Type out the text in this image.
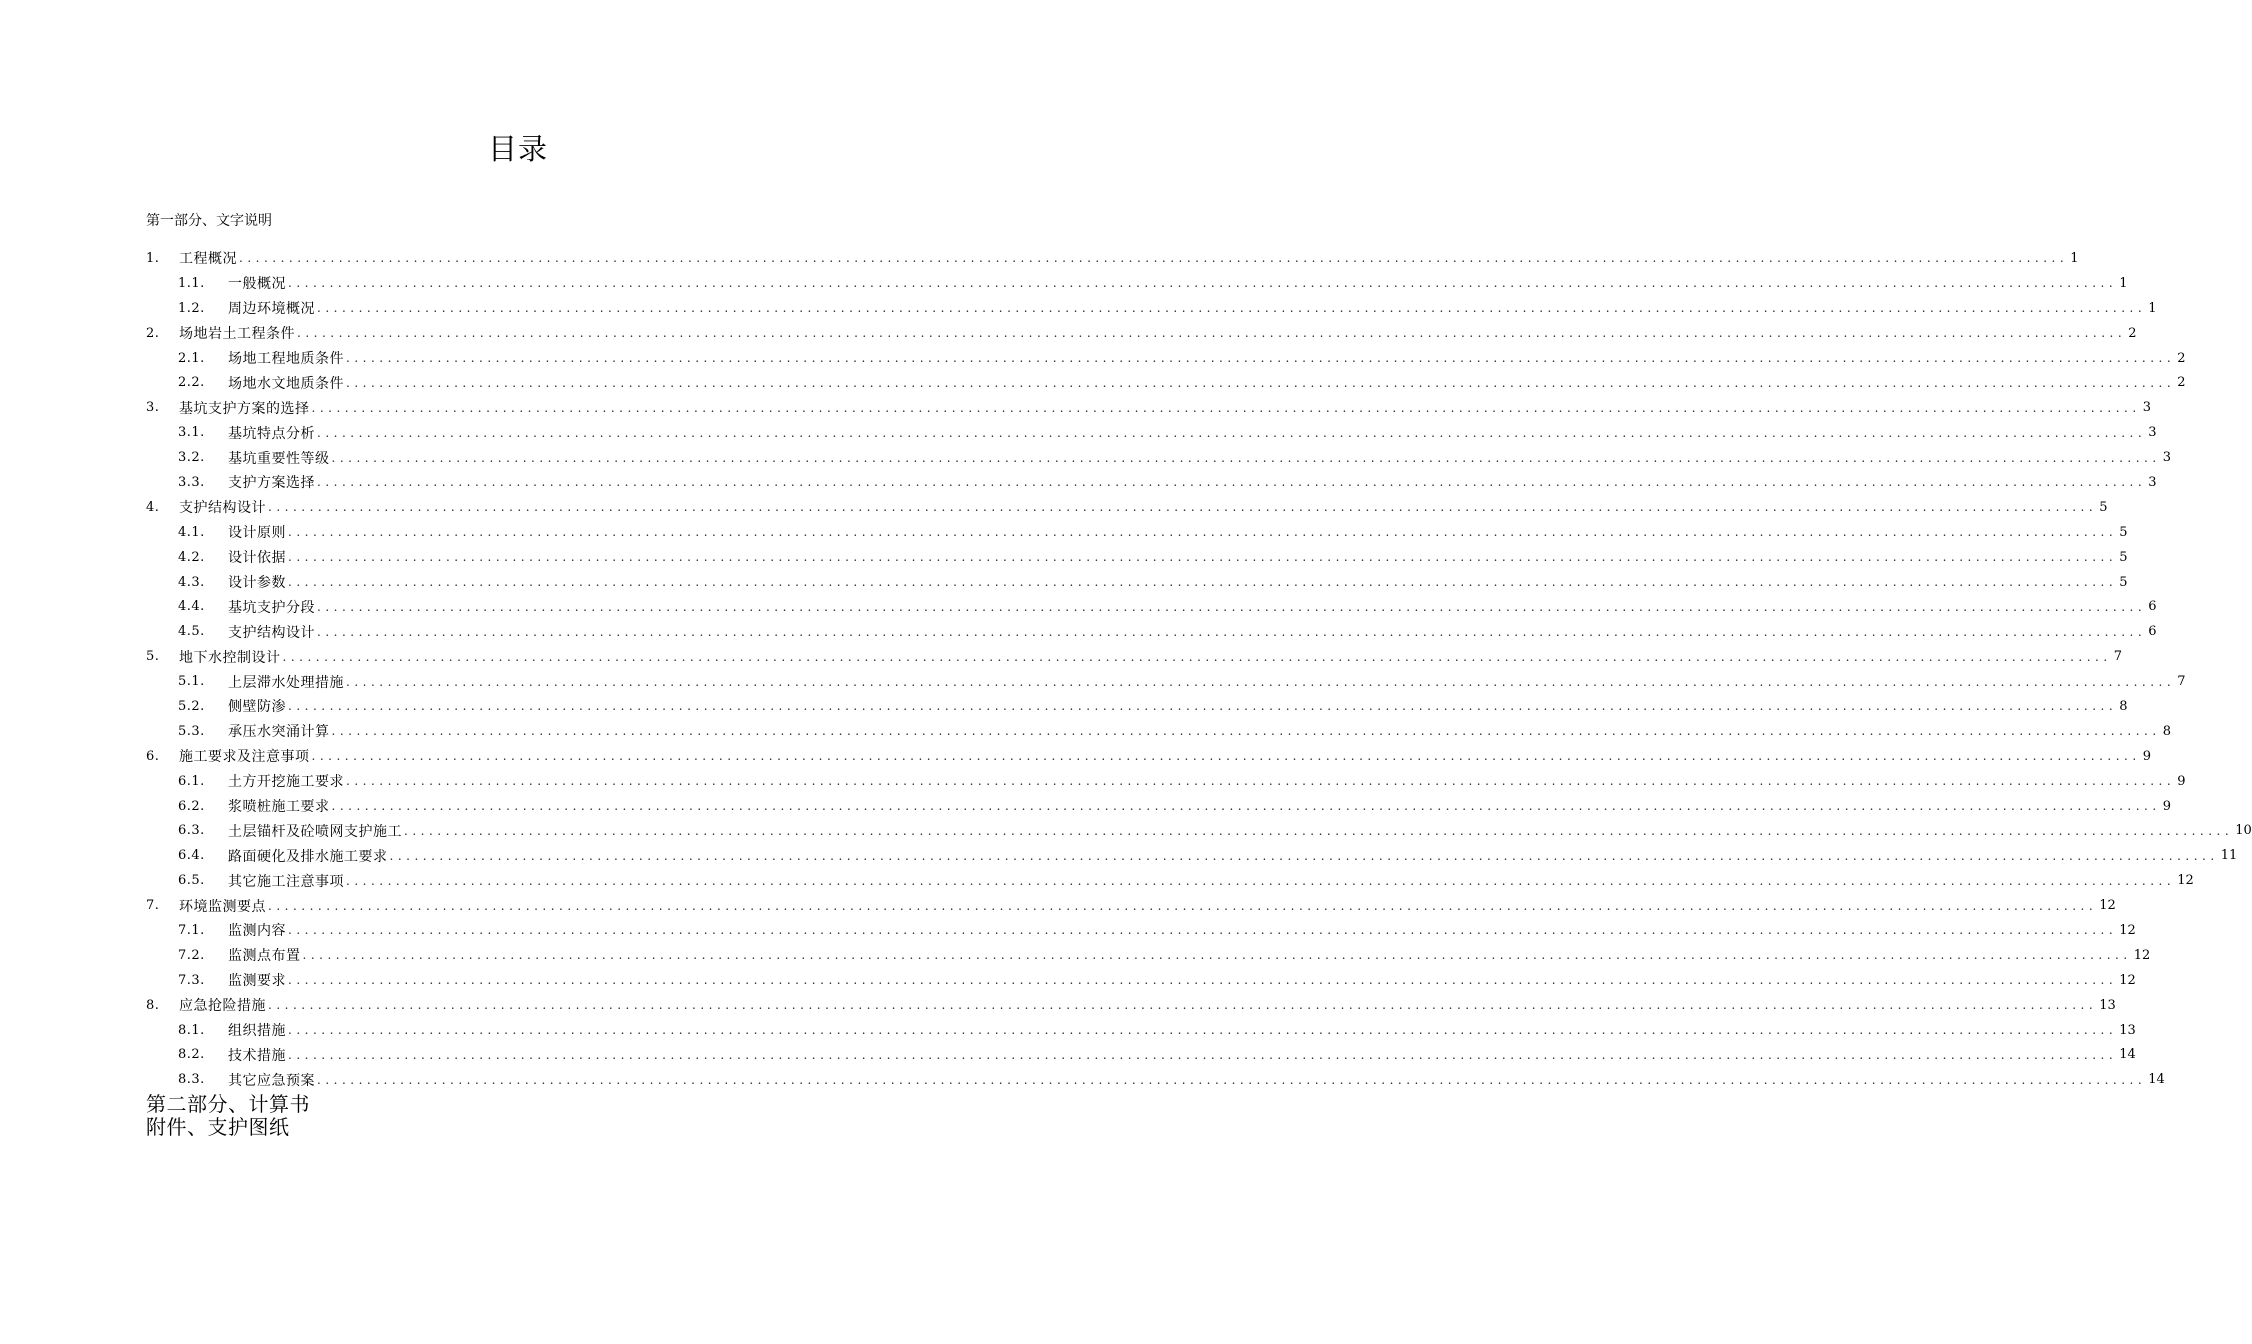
目录
第一部分、文字说明
1.	工程概况 ............................................................................................................................................................................................................................ 1
1.1.	一般概况 ............................................................................................................................................................................................................................ 1
1.2.	周边环境概况 ............................................................................................................................................................................................................................ 1
2.	场地岩土工程条件 ............................................................................................................................................................................................................................ 2
2.1.	场地工程地质条件 ............................................................................................................................................................................................................................ 2
2.2.	场地水文地质条件 ............................................................................................................................................................................................................................ 2
3.	基坑支护方案的选择 ............................................................................................................................................................................................................................ 3
3.1.	基坑特点分析 ............................................................................................................................................................................................................................ 3
3.2.	基坑重要性等级 ............................................................................................................................................................................................................................ 3
3.3.	支护方案选择 ............................................................................................................................................................................................................................ 3
4.	支护结构设计 ............................................................................................................................................................................................................................ 5
4.1.	设计原则 ............................................................................................................................................................................................................................ 5
4.2.	设计依据 ............................................................................................................................................................................................................................ 5
4.3.	设计参数 ............................................................................................................................................................................................................................ 5
4.4.	基坑支护分段 ............................................................................................................................................................................................................................ 6
4.5.	支护结构设计 ............................................................................................................................................................................................................................ 6
5.	地下水控制设计 ............................................................................................................................................................................................................................ 7
5.1.	上层滞水处理措施 ............................................................................................................................................................................................................................ 7
5.2.	侧壁防渗 ............................................................................................................................................................................................................................ 8
5.3.	承压水突涌计算 ............................................................................................................................................................................................................................ 8
6.	施工要求及注意事项 ............................................................................................................................................................................................................................ 9
6.1.	土方开挖施工要求 ............................................................................................................................................................................................................................ 9
6.2.	浆喷桩施工要求 ............................................................................................................................................................................................................................ 9
6.3.	土层锚杆及砼喷网支护施工 ............................................................................................................................................................................................................................ 10
6.4.	路面硬化及排水施工要求 ............................................................................................................................................................................................................................ 11
6.5.	其它施工注意事项 ............................................................................................................................................................................................................................ 12
7.	环境监测要点 ............................................................................................................................................................................................................................ 12
7.1.	监测内容 ............................................................................................................................................................................................................................ 12
7.2.	监测点布置 ............................................................................................................................................................................................................................ 12
7.3.	监测要求 ............................................................................................................................................................................................................................ 12
8.	应急抢险措施 ............................................................................................................................................................................................................................ 13
8.1.	组织措施 ............................................................................................................................................................................................................................ 13
8.2.	技术措施 ............................................................................................................................................................................................................................ 14
8.3.	其它应急预案 ............................................................................................................................................................................................................................ 14
第二部分、计算书
附件、支护图纸
